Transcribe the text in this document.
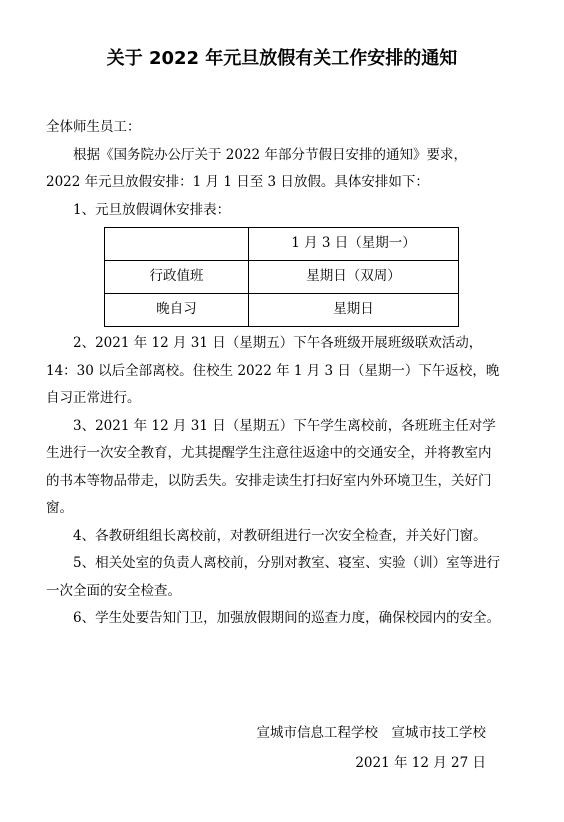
关于 2022 年元旦放假有关工作安排的通知

全体师生员工：

根据《国务院办公厅关于 2022 年部分节假日安排的通知》要求，2022 年元旦放假安排：1 月 1 日至 3 日放假。具体安排如下：

1、元旦放假调休安排表：

	1 月 3 日（星期一）
行政值班	星期日（双周）
晚自习	星期日

2、2021 年 12 月 31 日（星期五）下午各班级开展班级联欢活动，14：30 以后全部离校。住校生 2022 年 1 月 3 日（星期一）下午返校，晚自习正常进行。

3、2021 年 12 月 31 日（星期五）下午学生离校前，各班班主任对学生进行一次安全教育，尤其提醒学生注意往返途中的交通安全，并将教室内的书本等物品带走，以防丢失。安排走读生打扫好室内外环境卫生，关好门窗。

4、各教研组组长离校前，对教研组进行一次安全检查，并关好门窗。

5、相关处室的负责人离校前，分别对教室、寝室、实验（训）室等进行一次全面的安全检查。

6、学生处要告知门卫，加强放假期间的巡查力度，确保校园内的安全。

宣城市信息工程学校　宣城市技工学校
2021 年 12 月 27 日
